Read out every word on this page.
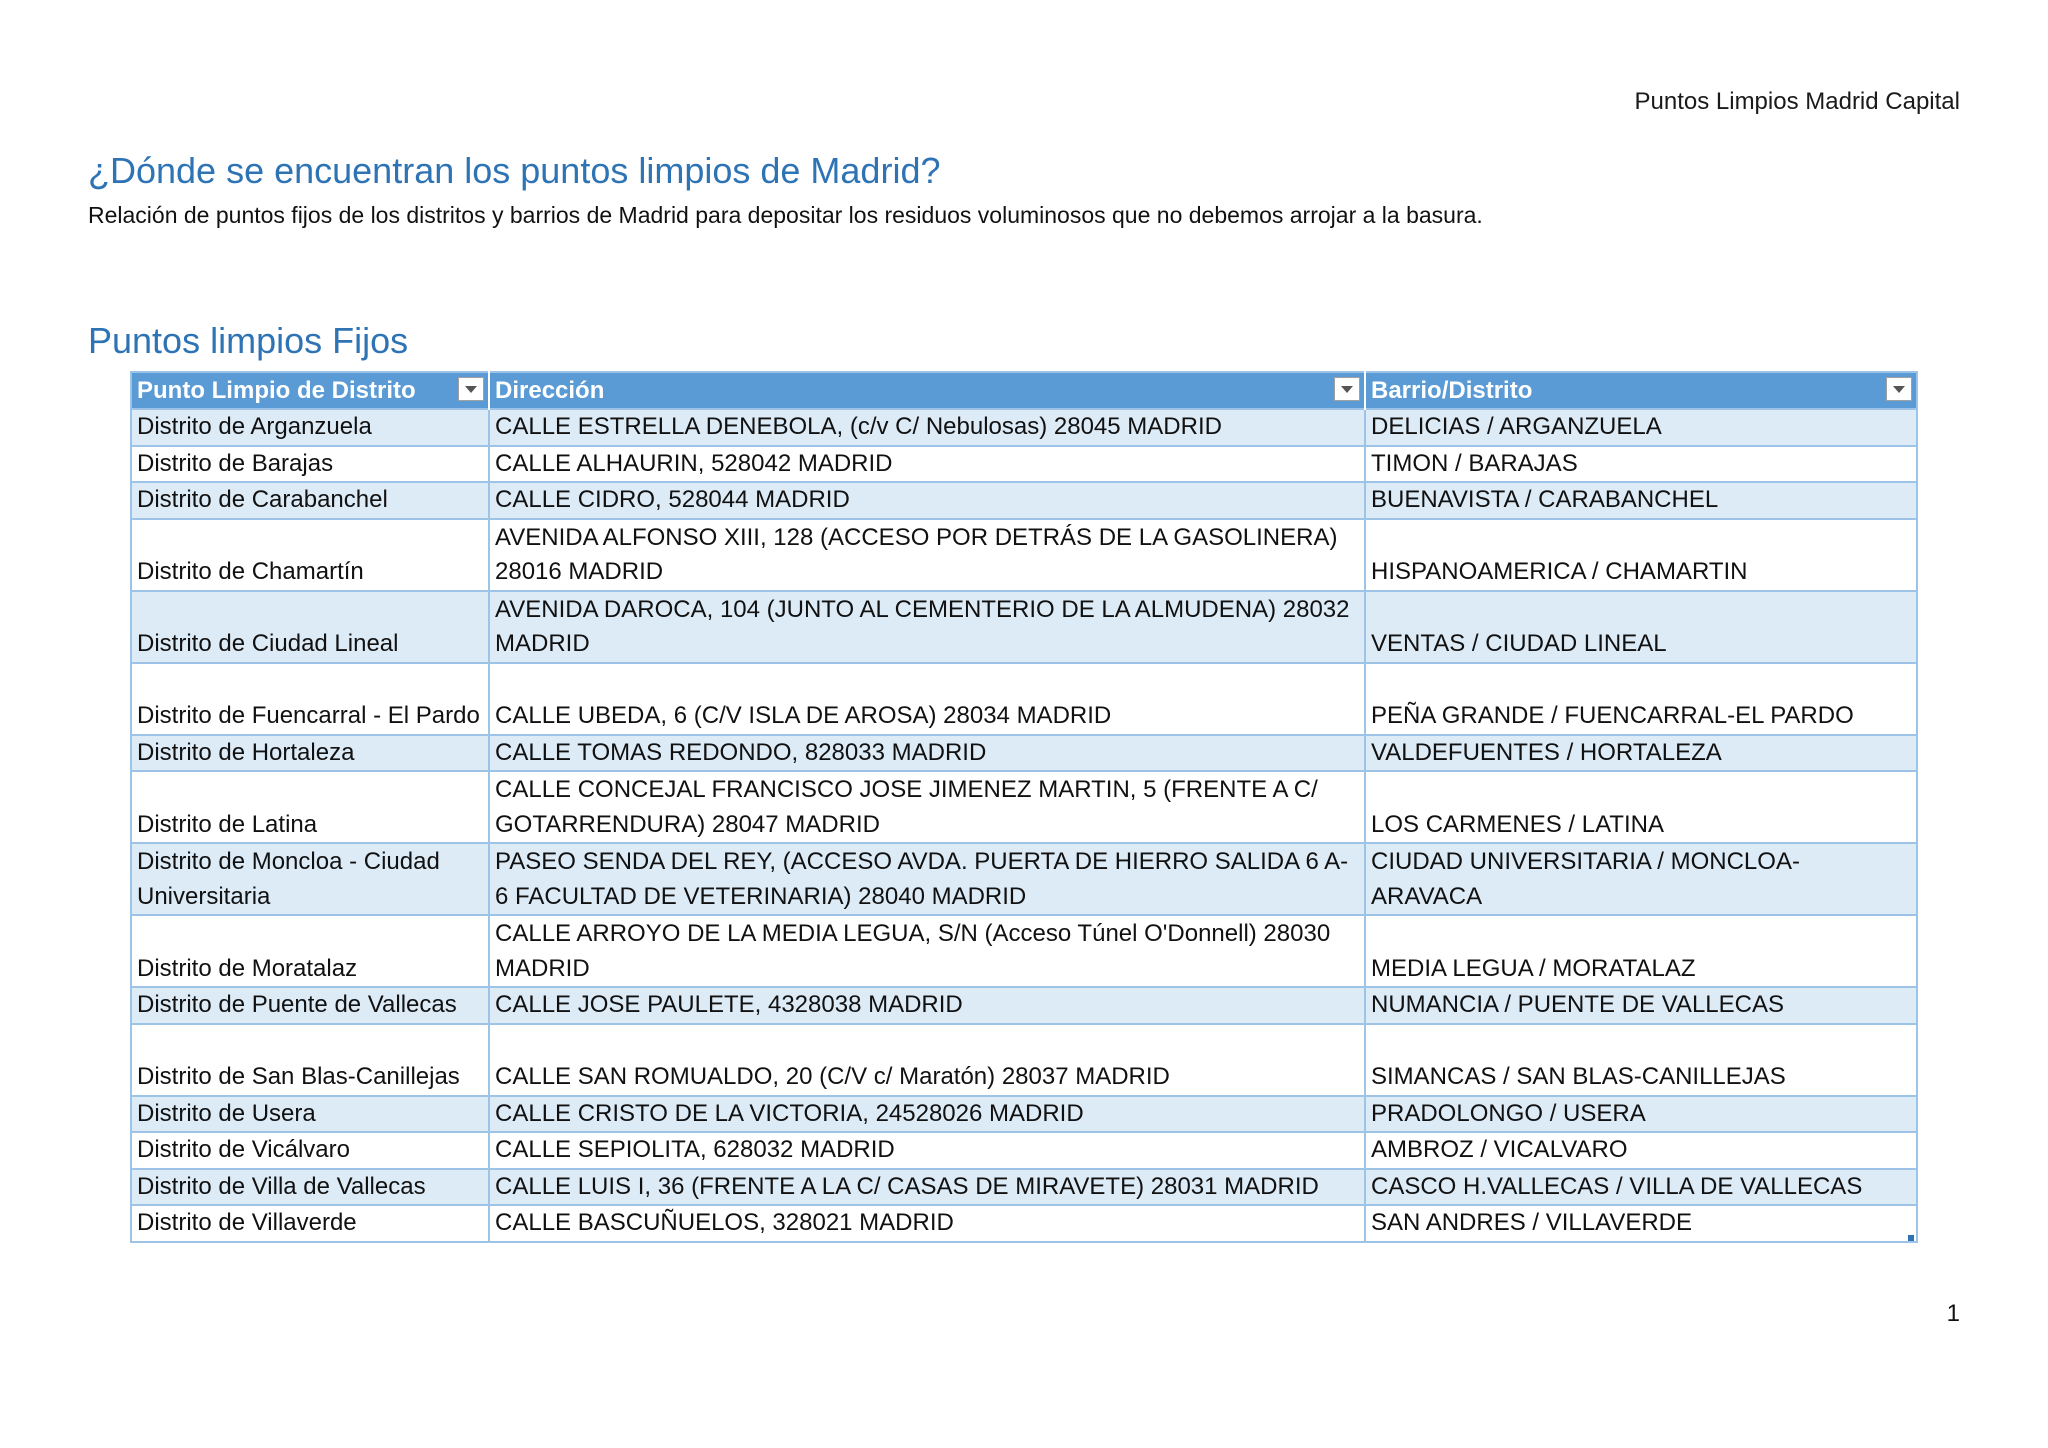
Puntos Limpios Madrid Capital
¿Dónde se encuentran los puntos limpios de Madrid?

Relación de puntos fijos de los distritos y barrios de Madrid para depositar los residuos voluminosos que no debemos arrojar a la basura.

Puntos limpios Fijos
Punto Limpio de Distrito	Dirección	Barrio/Distrito

Distrito de Arganzuela	CALLE ESTRELLA DENEBOLA, (c/v C/ Nebulosas) 28045 MADRID	DELICIAS / ARGANZUELA
Distrito de Barajas	CALLE ALHAURIN, 528042 MADRID	TIMON / BARAJAS
Distrito de Carabanchel	CALLE CIDRO, 528044 MADRID	BUENAVISTA / CARABANCHEL
Distrito de Chamartín	AVENIDA ALFONSO XIII, 128 (ACCESO POR DETRÁS DE LA GASOLINERA) 28016 MADRID	HISPANOAMERICA / CHAMARTIN
Distrito de Ciudad Lineal	AVENIDA DAROCA, 104 (JUNTO AL CEMENTERIO DE LA ALMUDENA) 28032 MADRID	VENTAS / CIUDAD LINEAL
Distrito de Fuencarral - El Pardo	CALLE UBEDA, 6 (C/V ISLA DE AROSA) 28034 MADRID	PEÑA GRANDE / FUENCARRAL-EL PARDO
Distrito de Hortaleza	CALLE TOMAS REDONDO, 828033 MADRID	VALDEFUENTES / HORTALEZA
Distrito de Latina	CALLE CONCEJAL FRANCISCO JOSE JIMENEZ MARTIN, 5 (FRENTE A C/ GOTARRENDURA) 28047 MADRID	LOS CARMENES / LATINA
Distrito de Moncloa - Ciudad Universitaria	PASEO SENDA DEL REY, (ACCESO AVDA. PUERTA DE HIERRO SALIDA 6 A-6 FACULTAD DE VETERINARIA) 28040 MADRID	CIUDAD UNIVERSITARIA / MONCLOA-ARAVACA
Distrito de Moratalaz	CALLE ARROYO DE LA MEDIA LEGUA, S/N (Acceso Túnel O'Donnell) 28030 MADRID	MEDIA LEGUA / MORATALAZ
Distrito de Puente de Vallecas	CALLE JOSE PAULETE, 4328038 MADRID	NUMANCIA / PUENTE DE VALLECAS
Distrito de San Blas-Canillejas	CALLE SAN ROMUALDO, 20 (C/V c/ Maratón) 28037 MADRID	SIMANCAS / SAN BLAS-CANILLEJAS
Distrito de Usera	CALLE CRISTO DE LA VICTORIA, 24528026 MADRID	PRADOLONGO / USERA
Distrito de Vicálvaro	CALLE SEPIOLITA, 628032 MADRID	AMBROZ / VICALVARO
Distrito de Villa de Vallecas	CALLE LUIS I, 36 (FRENTE A LA C/ CASAS DE MIRAVETE) 28031 MADRID	CASCO H.VALLECAS / VILLA DE VALLECAS
Distrito de Villaverde	CALLE BASCUÑUELOS, 328021 MADRID	SAN ANDRES / VILLAVERDE
1
